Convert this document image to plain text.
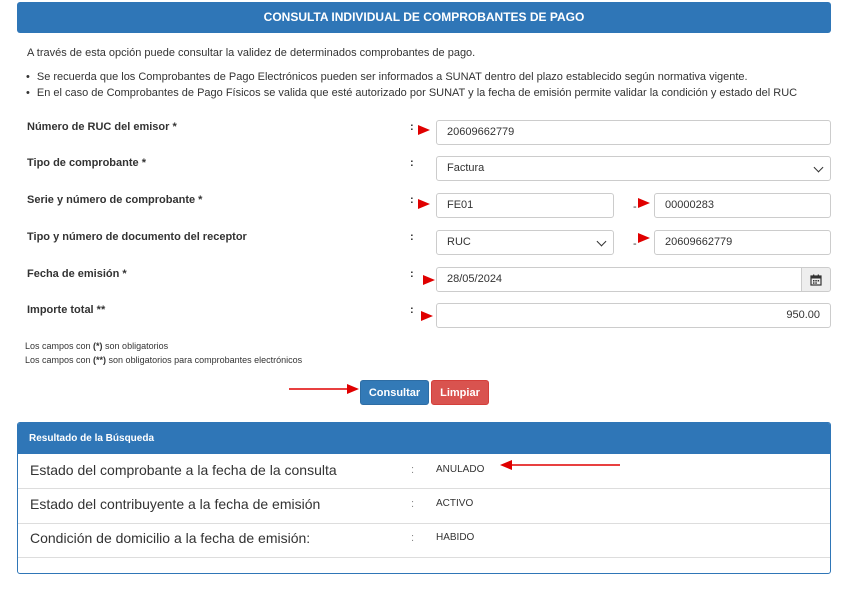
CONSULTA INDIVIDUAL DE COMPROBANTES DE PAGO
A través de esta opción puede consultar la validez de determinados comprobantes de pago.
• Se recuerda que los Comprobantes de Pago Electrónicos pueden ser informados a SUNAT dentro del plazo establecido según normativa vigente.
• En el caso de Comprobantes de Pago Físicos se valida que esté autorizado por SUNAT y la fecha de emisión permite validar la condición y estado del RUC
Número de RUC del emisor *	:	20609662779
Tipo de comprobante *	:	Factura
Serie y número de comprobante *	:	FE01	-	00000283
Tipo y número de documento del receptor	:	RUC	-	20609662779
Fecha de emisión *	:	28/05/2024
Importe total **	:	950.00
Los campos con (*) son obligatorios
Los campos con (**) son obligatorios para comprobantes electrónicos
Consultar	Limpiar
Resultado de la Búsqueda
Estado del comprobante a la fecha de la consulta	: ANULADO
Estado del contribuyente a la fecha de emisión	: ACTIVO
Condición de domicilio a la fecha de emisión:	: HABIDO
